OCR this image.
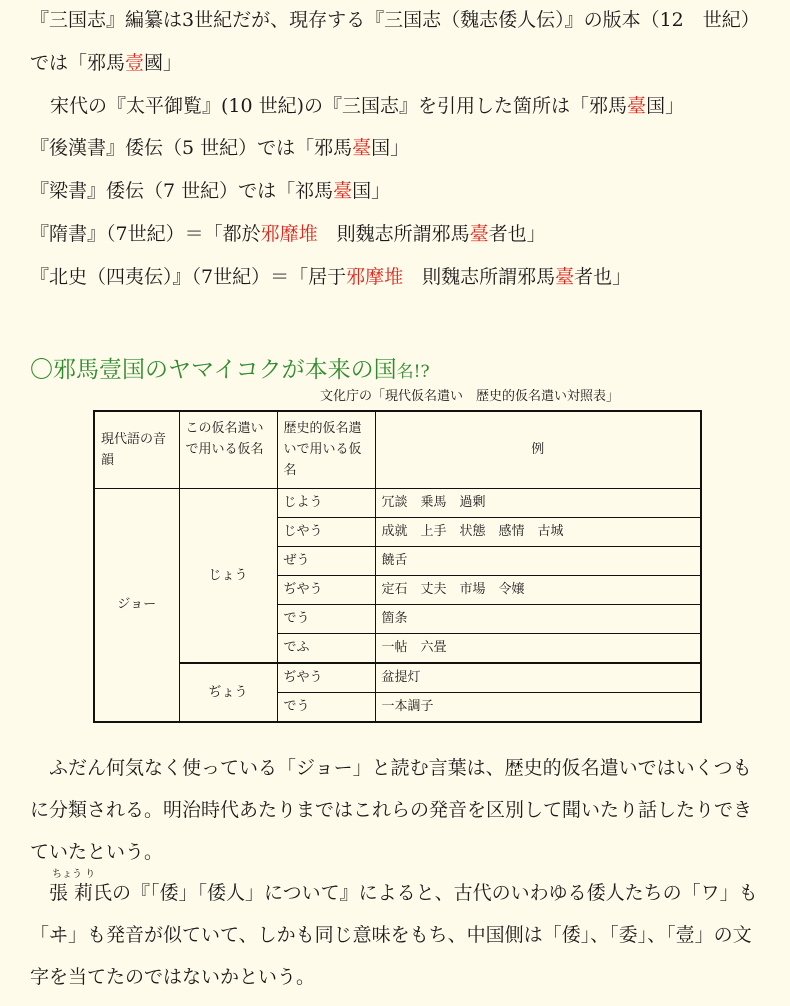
『三国志』編纂は3世紀だが、現存する『三国志（魏志倭人伝）』の版本（12　世紀）
では「邪馬壹國」
宋代の『太平御覧』(10 世紀)の『三国志』を引用した箇所は「邪馬臺国」
『後漢書』倭伝（5 世紀）では「邪馬臺国」
『梁書』倭伝（7 世紀）では「祁馬臺国」
『隋書』（7世紀）＝「都於邪靡堆　則魏志所謂邪馬臺者也」
『北史（四夷伝）』（7世紀）＝「居于邪摩堆　則魏志所謂邪馬臺者也」
〇邪馬壹国のヤマイコクが本来の国名!?
文化庁の「現代仮名遣い　歴史的仮名遣い対照表」
現代語の音韻	この仮名遣いで用いる仮名	歴史的仮名遣いで用いる仮名	例
ジョー	じょう	じよう	冗談　乗馬　過剰
		じやう	成就　上手　状態　感情　古城
		ぜう	饒舌
		ぢやう	定石　丈夫　市場　令嬢
		でう	箇条
		でふ	一帖　六畳
	ぢょう	ぢやう	盆提灯
		でう	一本調子
　ふだん何気なく使っている「ジョー」と読む言葉は、歴史的仮名遣いではいくつもに分類される。明治時代あたりまではこれらの発音を区別して聞いたり話したりできていたという。
ちょう り
　張 莉氏の『「倭」「倭人」について』によると、古代のいわゆる倭人たちの「ワ」も「ヰ」も発音が似ていて、しかも同じ意味をもち、中国側は「倭」、「委」、「壹」の文字を当てたのではないかという。
